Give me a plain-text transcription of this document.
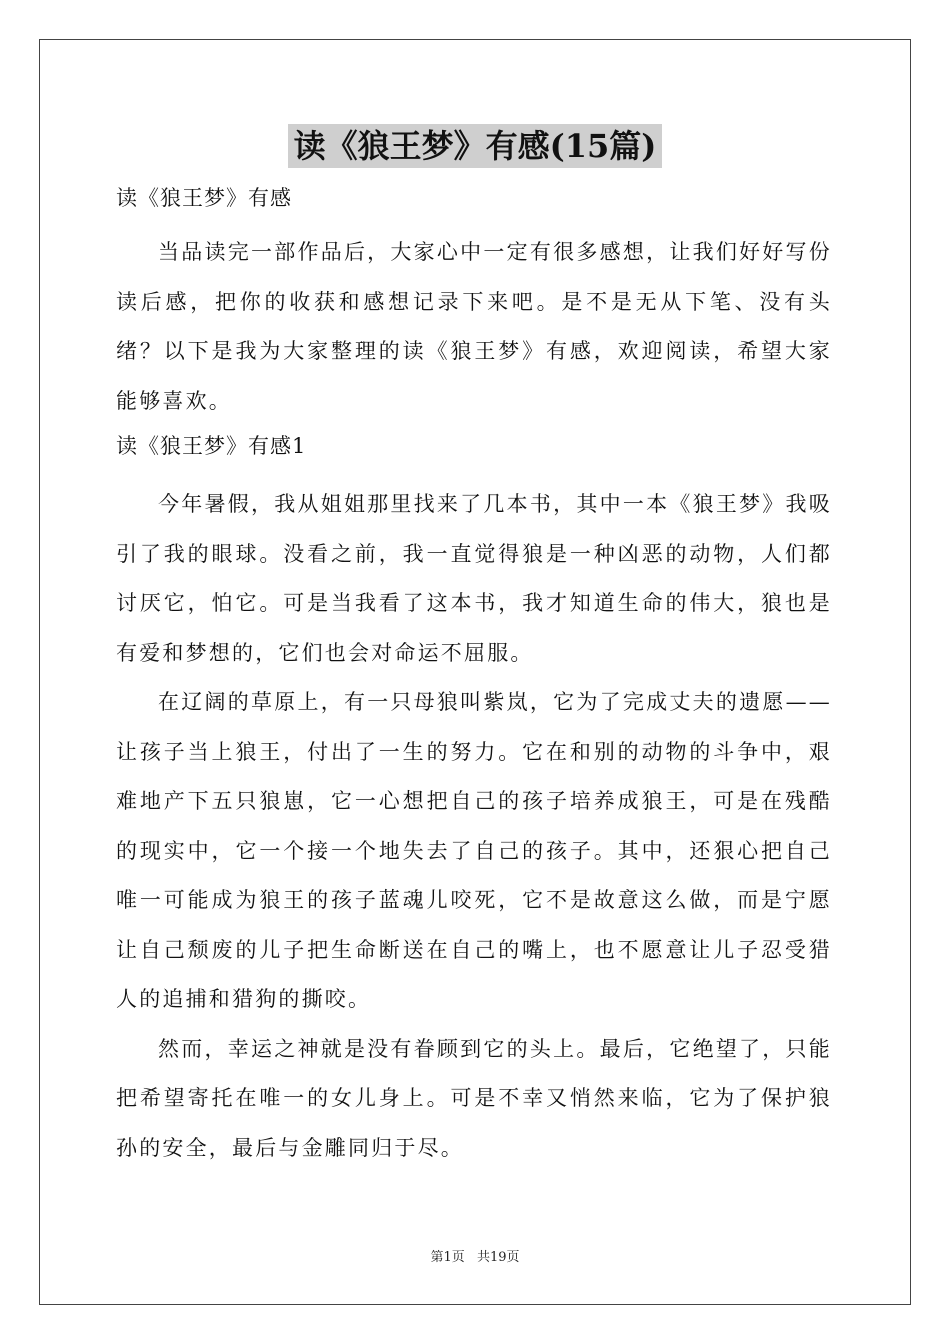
读《狼王梦》有感(15篇)

读《狼王梦》有感

当品读完一部作品后，大家心中一定有很多感想，让我们好好写份读后感，把你的收获和感想记录下来吧。是不是无从下笔、没有头绪？以下是我为大家整理的读《狼王梦》有感，欢迎阅读，希望大家能够喜欢。

读《狼王梦》有感1

今年暑假，我从姐姐那里找来了几本书，其中一本《狼王梦》我吸引了我的眼球。没看之前，我一直觉得狼是一种凶恶的动物，人们都讨厌它，怕它。可是当我看了这本书，我才知道生命的伟大，狼也是有爱和梦想的，它们也会对命运不屈服。

在辽阔的草原上，有一只母狼叫紫岚，它为了完成丈夫的遗愿——让孩子当上狼王，付出了一生的努力。它在和别的动物的斗争中，艰难地产下五只狼崽，它一心想把自己的孩子培养成狼王，可是在残酷的现实中，它一个接一个地失去了自己的孩子。其中，还狠心把自己唯一可能成为狼王的孩子蓝魂儿咬死，它不是故意这么做，而是宁愿让自己颓废的儿子把生命断送在自己的嘴上，也不愿意让儿子忍受猎人的追捕和猎狗的撕咬。

然而，幸运之神就是没有眷顾到它的头上。最后，它绝望了，只能把希望寄托在唯一的女儿身上。可是不幸又悄然来临，它为了保护狼孙的安全，最后与金雕同归于尽。

第1页 共19页
